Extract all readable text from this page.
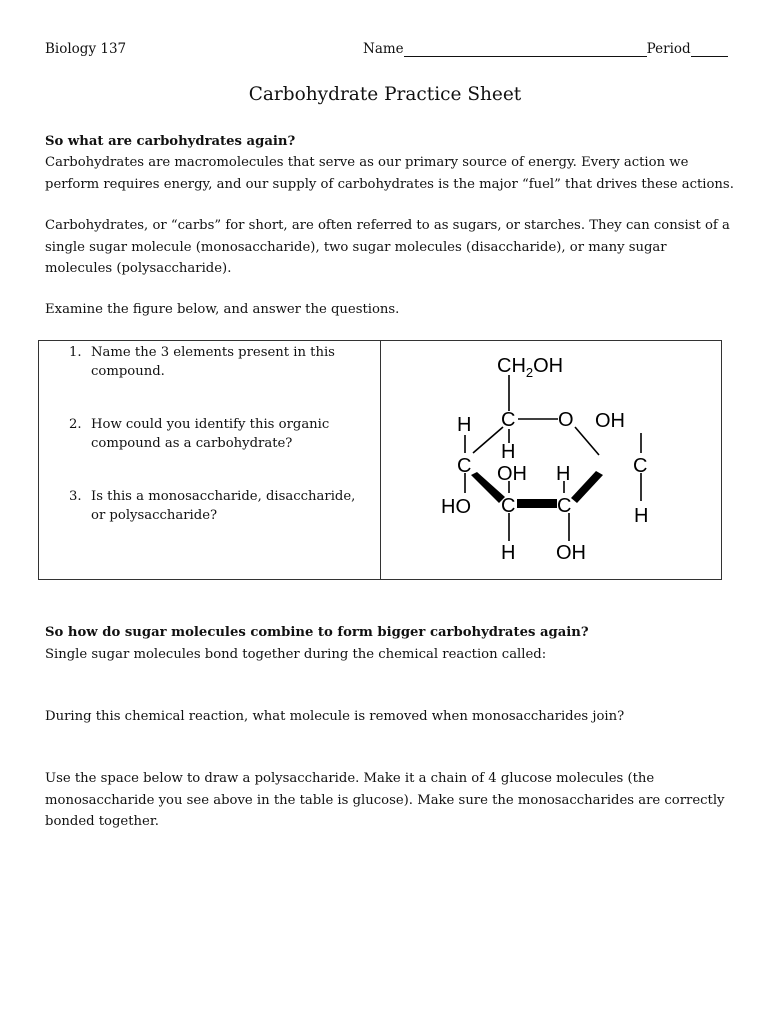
Biology 137	Name	Period
Carbohydrate Practice Sheet
So what are carbohydrates again?
Carbohydrates are macromolecules that serve as our primary source of energy. Every action we perform requires energy, and our supply of carbohydrates is the major “fuel” that drives these actions.
Carbohydrates, or “carbs” for short, are often referred to as sugars, or starches. They can consist of a single sugar molecule (monosaccharide), two sugar molecules (disaccharide), or many sugar molecules (polysaccharide).
Examine the figure below, and answer the questions.
1. Name the 3 elements present in this compound.
2. How could you identify this organic compound as a carbohydrate?
3. Is this a monosaccharide, disaccharide, or polysaccharide?
$CH_2OH$
C O OH
H
H
C	C
OH H
HO C C	H
H OH
So how do sugar molecules combine to form bigger carbohydrates again?
Single sugar molecules bond together during the chemical reaction called:
During this chemical reaction, what molecule is removed when monosaccharides join?
Use the space below to draw a polysaccharide. Make it a chain of 4 glucose molecules (the monosaccharide you see above in the table is glucose). Make sure the monosaccharides are correctly bonded together.
